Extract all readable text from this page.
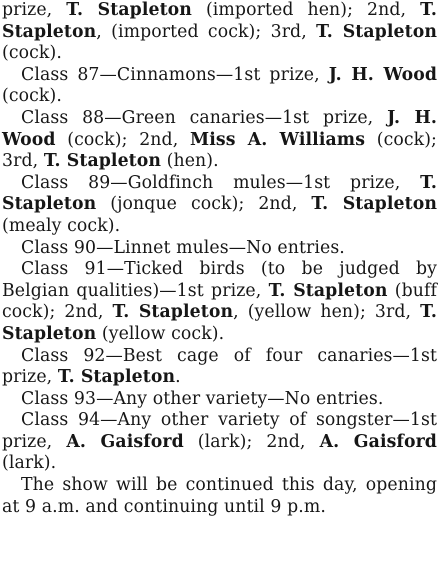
prize, T. Stapleton (imported hen); 2nd, T. Stapleton, (imported cock); 3rd, T. Stapleton (cock).

Class 87—Cinnamons—1st prize, J. H. Wood (cock).

Class 88—Green canaries—1st prize, J. H. Wood (cock); 2nd, Miss A. Williams (cock); 3rd, T. Stapleton (hen).

Class 89—Goldfinch mules—1st prize, T. Stapleton (jonque cock); 2nd, T. Stapleton (mealy cock).

Class 90—Linnet mules—No entries.

Class 91—Ticked birds (to be judged by Belgian qualities)—1st prize, T. Stapleton (buff cock); 2nd, T. Stapleton, (yellow hen); 3rd, T. Stapleton (yellow cock).

Class 92—Best cage of four canaries—1st prize, T. Stapleton.

Class 93—Any other variety—No entries.

Class 94—Any other variety of songster—1st prize, A. Gaisford (lark); 2nd, A. Gaisford (lark).

The show will be continued this day, opening at 9 a.m. and continuing until 9 p.m.
